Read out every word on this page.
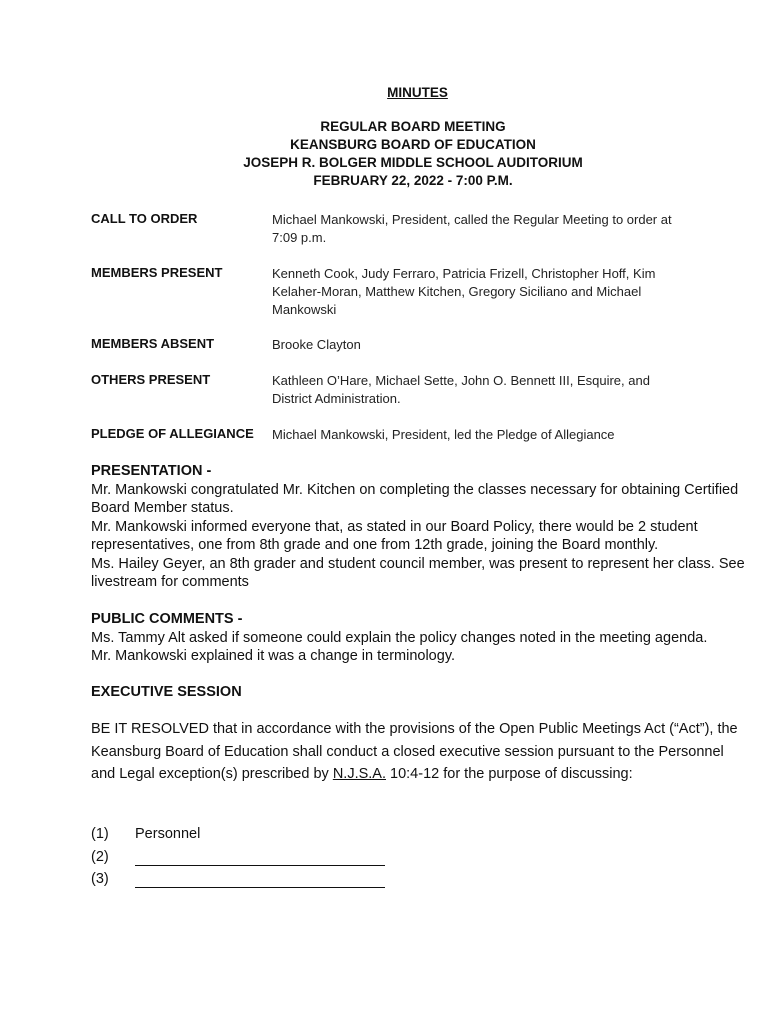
MINUTES
REGULAR BOARD MEETING
KEANSBURG BOARD OF EDUCATION
JOSEPH R. BOLGER MIDDLE SCHOOL AUDITORIUM
FEBRUARY 22, 2022 - 7:00 P.M.
CALL TO ORDER	Michael Mankowski, President, called the Regular Meeting to order at 7:09 p.m.
MEMBERS PRESENT	Kenneth Cook, Judy Ferraro, Patricia Frizell, Christopher Hoff, Kim Kelaher-Moran, Matthew Kitchen, Gregory Siciliano and Michael Mankowski
MEMBERS ABSENT	Brooke Clayton
OTHERS PRESENT	Kathleen O’Hare, Michael Sette, John O. Bennett III, Esquire, and District Administration.
PLEDGE OF ALLEGIANCE Michael Mankowski, President, led the Pledge of Allegiance
PRESENTATION -

Mr. Mankowski congratulated Mr. Kitchen on completing the classes necessary for obtaining Certified Board Member status.

Mr. Mankowski informed everyone that, as stated in our Board Policy, there would be 2 student representatives, one from 8th grade and one from 12th grade, joining the Board monthly.

Ms. Hailey Geyer, an 8th grader and student council member, was present to represent her class. See livestream for comments

PUBLIC COMMENTS -

Ms. Tammy Alt asked if someone could explain the policy changes noted in the meeting agenda.

Mr. Mankowski explained it was a change in terminology.

EXECUTIVE SESSION

BE IT RESOLVED that in accordance with the provisions of the Open Public Meetings Act (“Act”), the Keansburg Board of Education shall conduct a closed executive session pursuant to the Personnel and Legal exception(s) prescribed by N.J.S.A. 10:4-12 for the purpose of discussing:

(1) Personnel
(2)
(3)
